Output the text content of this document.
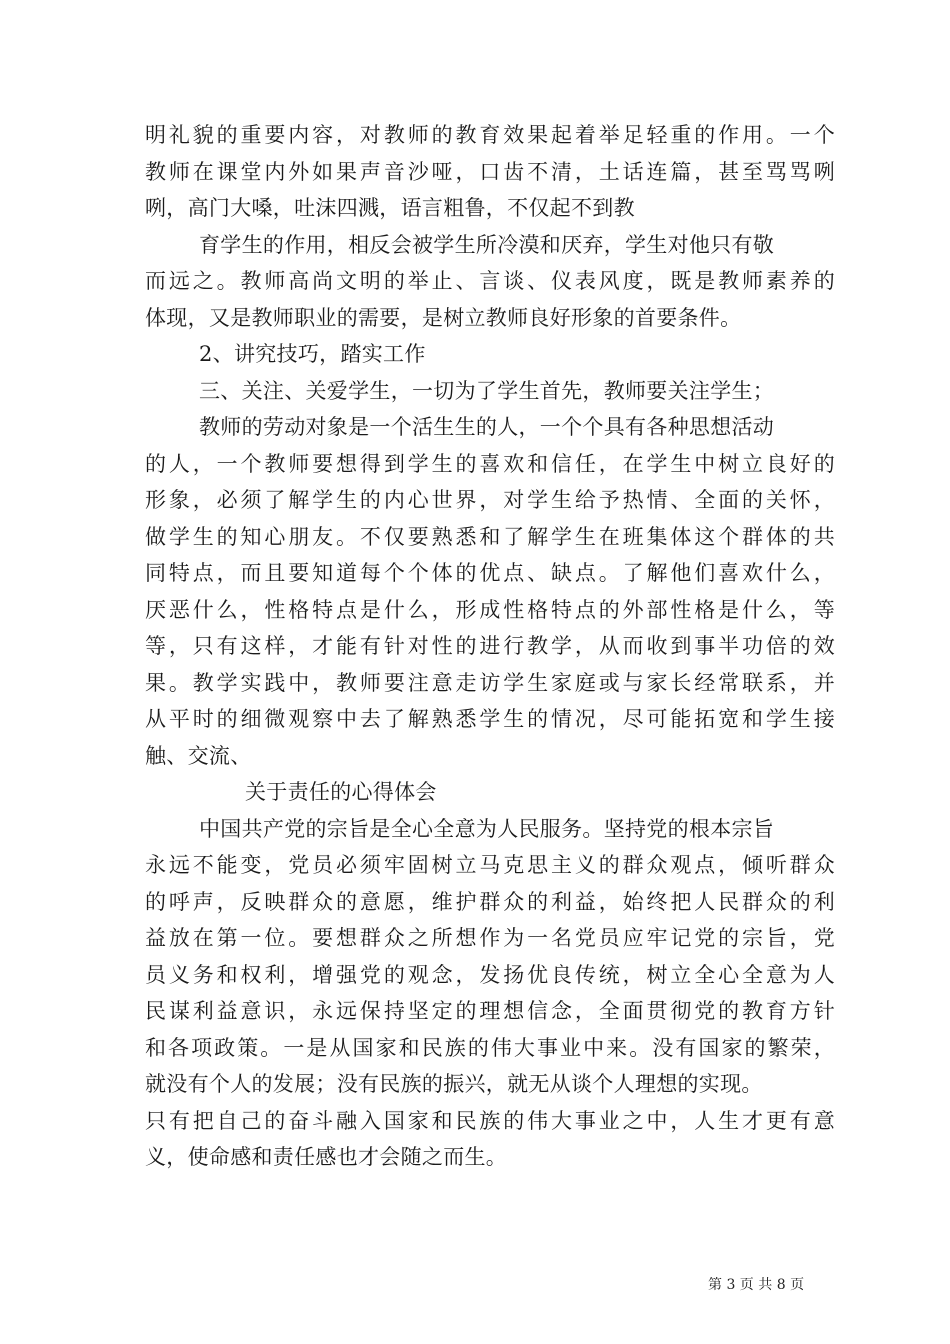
明礼貌的重要内容，对教师的教育效果起着举足轻重的作用。一个
教师在课堂内外如果声音沙哑，口齿不清，土话连篇，甚至骂骂咧
咧，高门大嗓，吐沫四溅，语言粗鲁，不仅起不到教
育学生的作用，相反会被学生所冷漠和厌弃，学生对他只有敬
而远之。教师高尚文明的举止、言谈、仪表风度，既是教师素养的
体现，又是教师职业的需要，是树立教师良好形象的首要条件。
2、讲究技巧，踏实工作
三、关注、关爱学生，一切为了学生首先，教师要关注学生；
教师的劳动对象是一个活生生的人，一个个具有各种思想活动
的人，一个教师要想得到学生的喜欢和信任，在学生中树立良好的
形象，必须了解学生的内心世界，对学生给予热情、全面的关怀，
做学生的知心朋友。不仅要熟悉和了解学生在班集体这个群体的共
同特点，而且要知道每个个体的优点、缺点。了解他们喜欢什么，
厌恶什么，性格特点是什么，形成性格特点的外部性格是什么，等
等，只有这样，才能有针对性的进行教学，从而收到事半功倍的效
果。教学实践中，教师要注意走访学生家庭或与家长经常联系，并
从平时的细微观察中去了解熟悉学生的情况，尽可能拓宽和学生接
触、交流、
关于责任的心得体会
中国共产党的宗旨是全心全意为人民服务。坚持党的根本宗旨
永远不能变，党员必须牢固树立马克思主义的群众观点，倾听群众
的呼声，反映群众的意愿，维护群众的利益，始终把人民群众的利
益放在第一位。要想群众之所想作为一名党员应牢记党的宗旨，党
员义务和权利，增强党的观念，发扬优良传统，树立全心全意为人
民谋利益意识，永远保持坚定的理想信念，全面贯彻党的教育方针
和各项政策。一是从国家和民族的伟大事业中来。没有国家的繁荣，
就没有个人的发展；没有民族的振兴，就无从谈个人理想的实现。
只有把自己的奋斗融入国家和民族的伟大事业之中，人生才更有意
义，使命感和责任感也才会随之而生。
第 3 页 共 8 页
